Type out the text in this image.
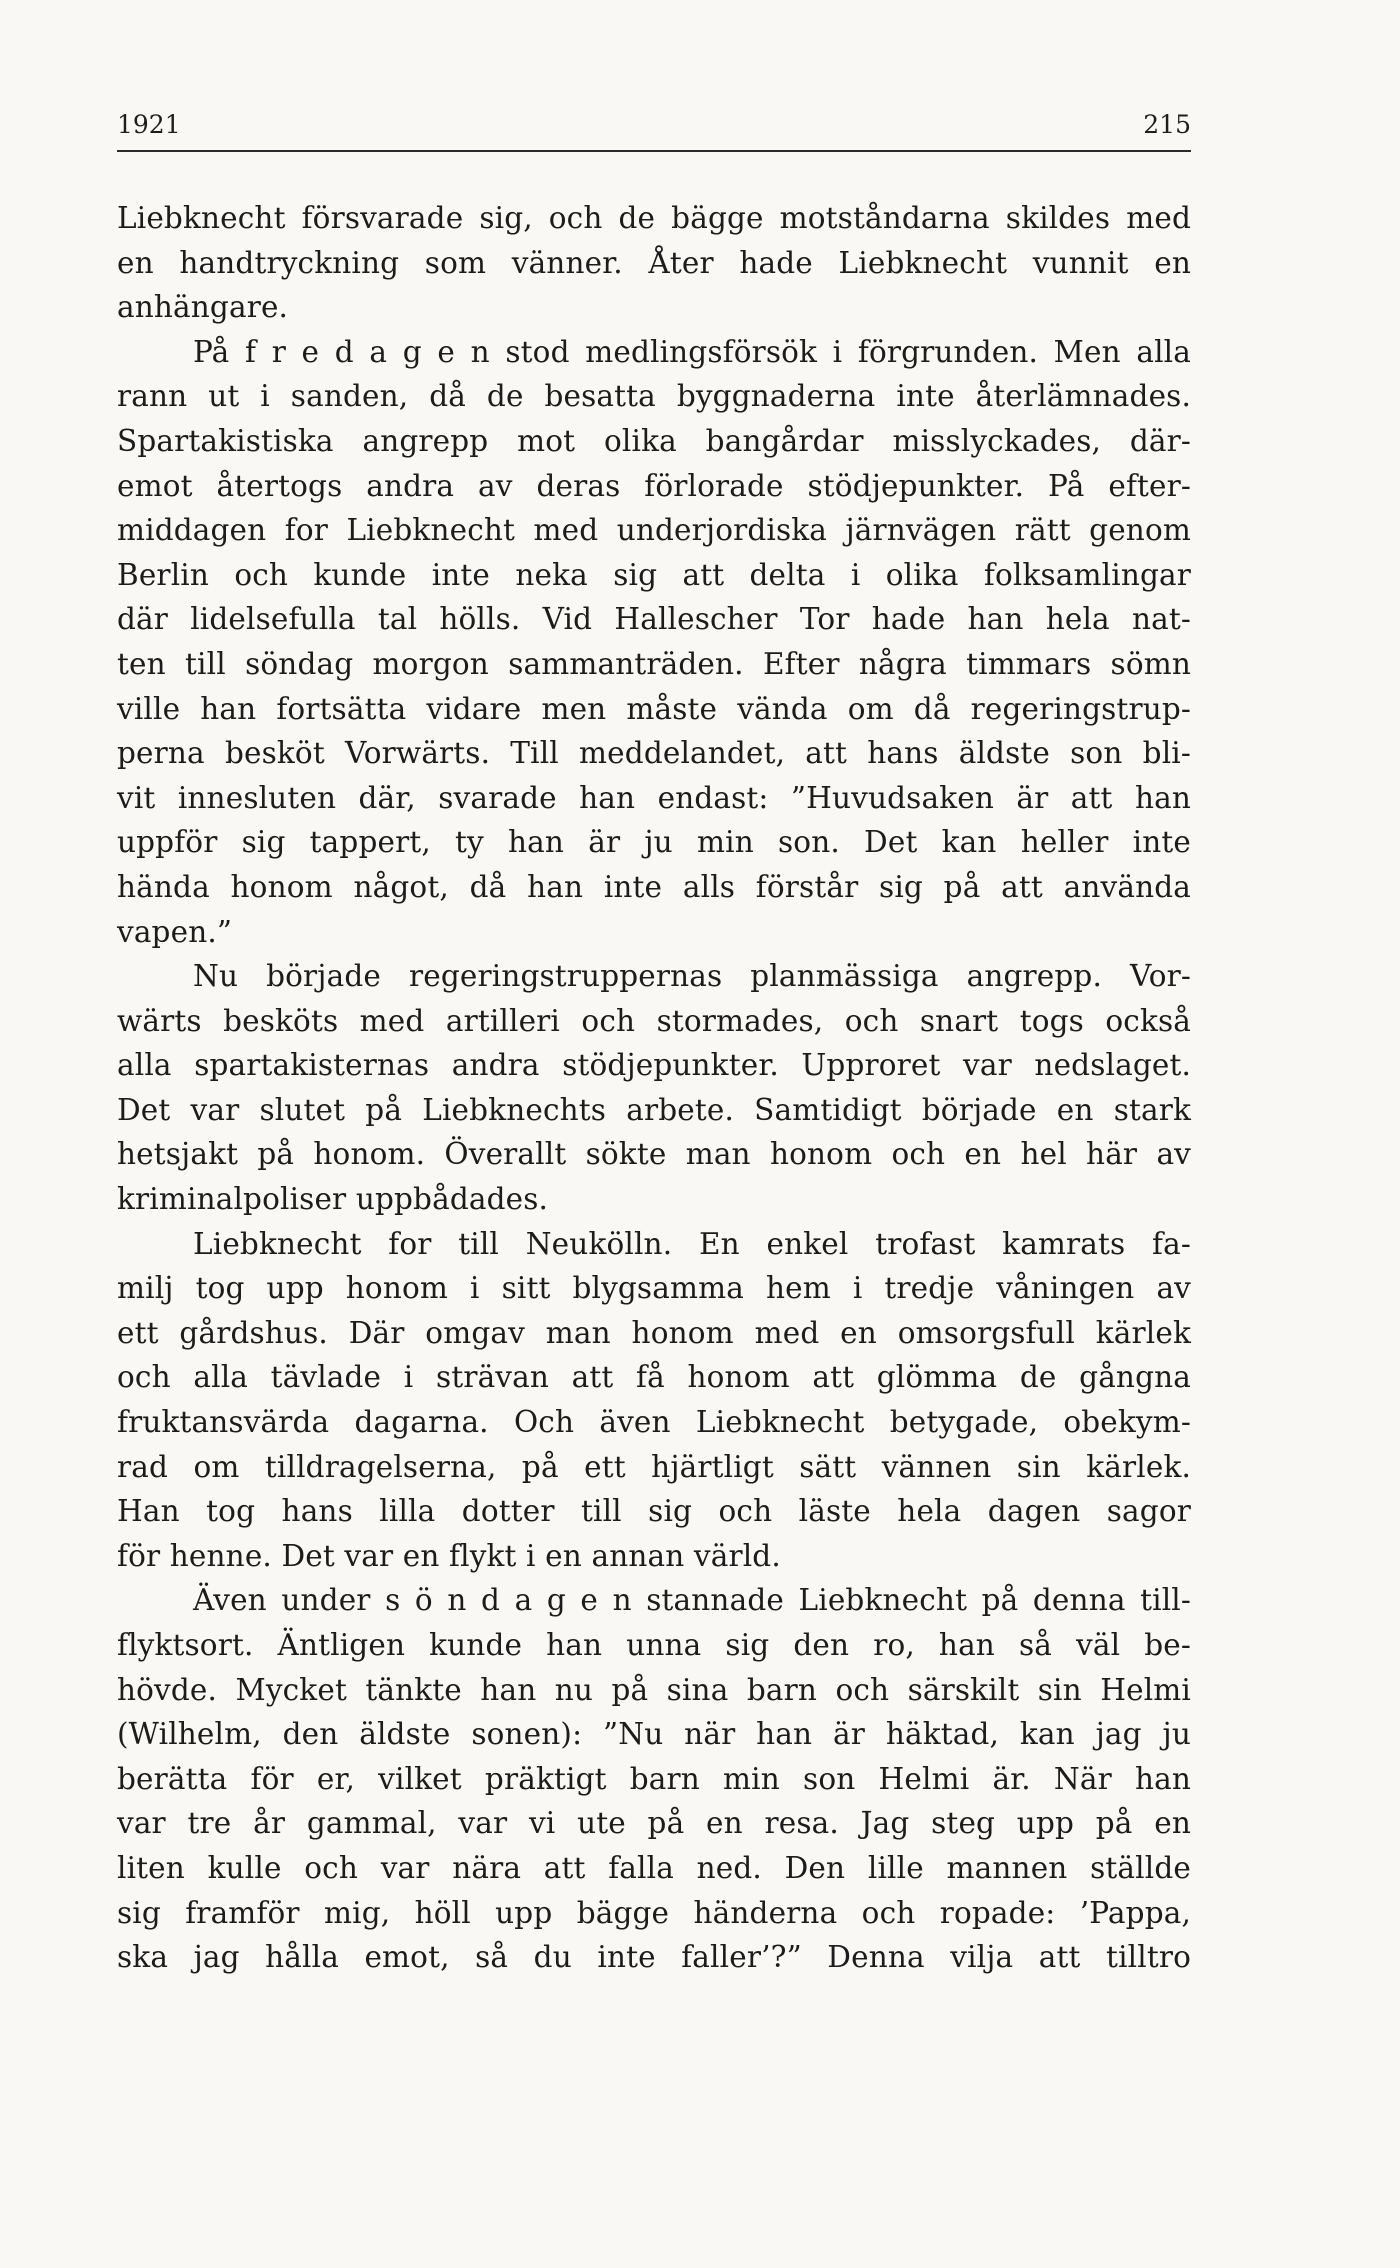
1921	215

Liebknecht försvarade sig, och de bägge motståndarna skildes med

en handtryckning som vänner. Åter hade Liebknecht vunnit en

anhängare.

På f r e d a g e n stod medlingsförsök i förgrunden. Men alla

rann ut i sanden, då de besatta byggnaderna inte återlämnades.

Spartakistiska angrepp mot olika bangårdar misslyckades, där-

emot återtogs andra av deras förlorade stödjepunkter. På efter-

middagen for Liebknecht med underjordiska järnvägen rätt genom

Berlin och kunde inte neka sig att delta i olika folksamlingar

där lidelsefulla tal hölls. Vid Hallescher Tor hade han hela nat-

ten till söndag morgon sammanträden. Efter några timmars sömn

ville han fortsätta vidare men måste vända om då regeringstrup-

perna besköt Vorwärts. Till meddelandet, att hans äldste son bli-

vit innesluten där, svarade han endast: ”Huvudsaken är att han

uppför sig tappert, ty han är ju min son. Det kan heller inte

hända honom något, då han inte alls förstår sig på att använda

vapen.”

Nu började regeringstruppernas planmässiga angrepp. Vor-

wärts besköts med artilleri och stormades, och snart togs också

alla spartakisternas andra stödjepunkter. Upproret var nedslaget.

Det var slutet på Liebknechts arbete. Samtidigt började en stark

hetsjakt på honom. Överallt sökte man honom och en hel här av

kriminalpoliser uppbådades.

Liebknecht for till Neukölln. En enkel trofast kamrats fa-

milj tog upp honom i sitt blygsamma hem i tredje våningen av

ett gårdshus. Där omgav man honom med en omsorgsfull kärlek

och alla tävlade i strävan att få honom att glömma de gångna

fruktansvärda dagarna. Och även Liebknecht betygade, obekym-

rad om tilldragelserna, på ett hjärtligt sätt vännen sin kärlek.

Han tog hans lilla dotter till sig och läste hela dagen sagor

för henne. Det var en flykt i en annan värld.

Även under s ö n d a g e n stannade Liebknecht på denna till-

flyktsort. Äntligen kunde han unna sig den ro, han så väl be-

hövde. Mycket tänkte han nu på sina barn och särskilt sin Helmi

(Wilhelm, den äldste sonen): ”Nu när han är häktad, kan jag ju

berätta för er, vilket präktigt barn min son Helmi är. När han

var tre år gammal, var vi ute på en resa. Jag steg upp på en

liten kulle och var nära att falla ned. Den lille mannen ställde

sig framför mig, höll upp bägge händerna och ropade: ’Pappa,

ska jag hålla emot, så du inte faller’?” Denna vilja att tilltro
